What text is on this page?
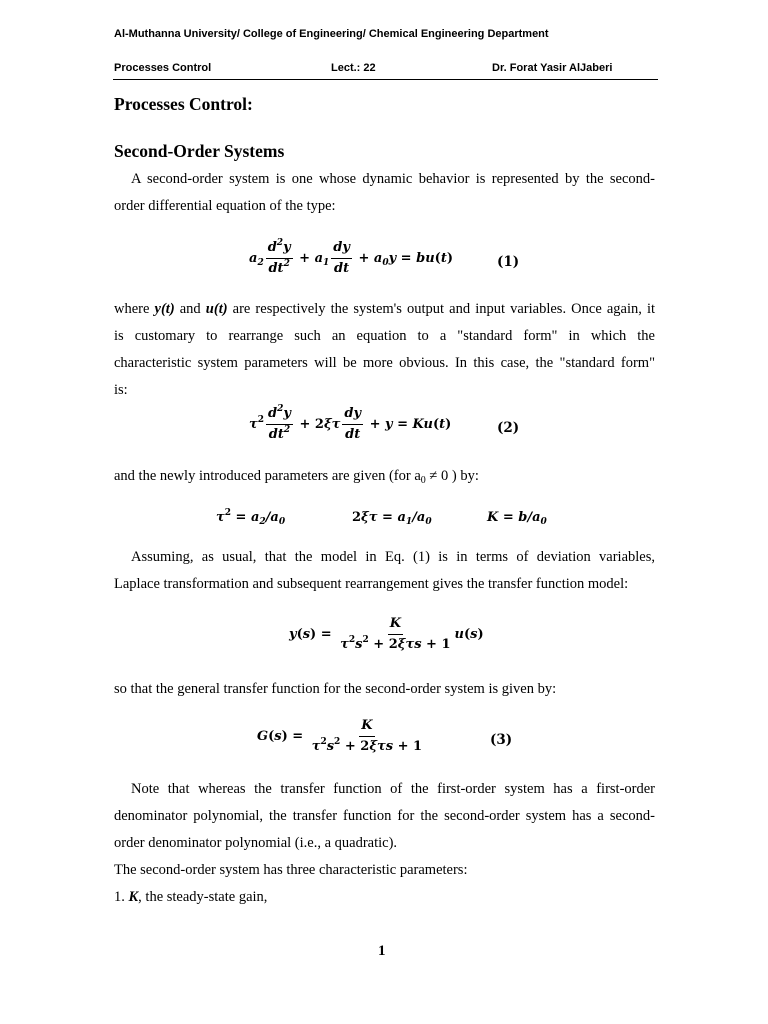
Al-Muthanna University/ College of Engineering/ Chemical Engineering Department
Processes Control	Lect.: 22	Dr. Forat Yasir AlJaberi
Processes Control:
Second-Order Systems
A second-order system is one whose dynamic behavior is represented by the second-
order differential equation of the type:
$a_2 \frac{d^2y}{dt^2} + a_1 \frac{dy}{dt} + a_0y$ = bu ( t )	(1)
where y(t) and u(t) are respectively the system's output and input variables. Once again, it
is customary to rearrange such an equation to a "standard form" in which the
characteristic system parameters will be more obvious. In this case, the "standard form"
is:
$\tau^2 \frac{d^2y}{dt^2} + 2$ ξτ $\frac{dy}{dt} + y = Ku$ ( t )	(2)
and the newly introduced parameters are given (for $a_0 \ne 0$ ) by:
$\tau^2 = a_2/a_0$	2 $\xi\tau = a_1/a_0$	$K = b/a_0$
Assuming, as usual, that the model in Eq. (1) is in terms of deviation variables,
Laplace transformation and subsequent rearrangement gives the transfer function model:
y ( s ) = $\frac{K}{\tau^2s^2 + 2\xi\tau s + 1}$ u ( s )
so that the general transfer function for the second-order system is given by:
G ( s ) = $\frac{K}{\tau^2s^2 + 2\xi\tau s + 1}$	(3)
Note that whereas the transfer function of the first-order system has a first-order
denominator polynomial, the transfer function for the second-order system has a second-
order denominator polynomial (i.e., a quadratic).
The second-order system has three characteristic parameters:
1. K, the steady-state gain,
1
